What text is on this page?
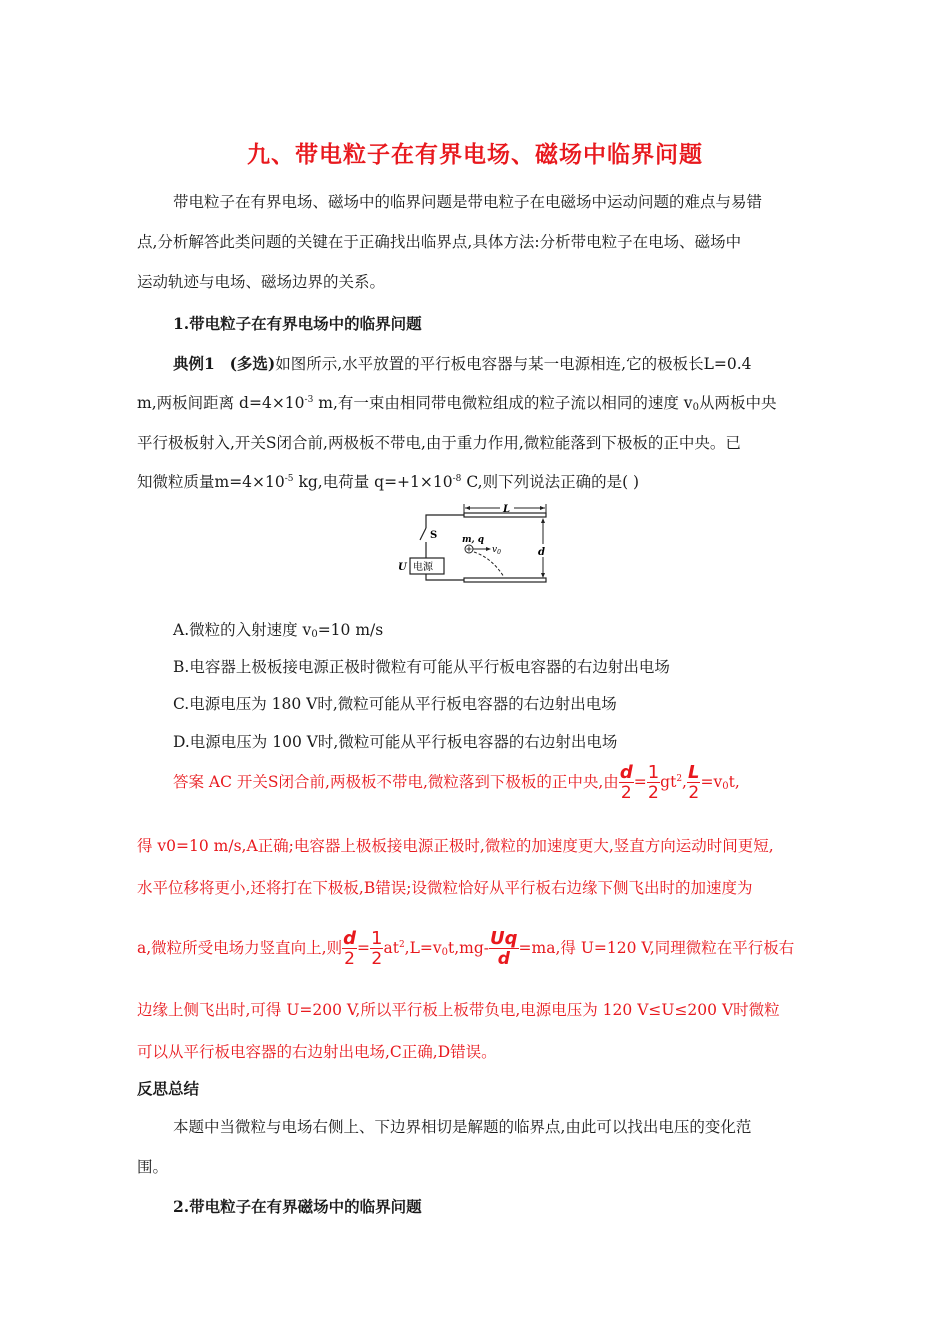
九、带电粒子在有界电场、磁场中临界问题
带电粒子在有界电场、磁场中的临界问题是带电粒子在电磁场中运动问题的难点与易错
点,分析解答此类问题的关键在于正确找出临界点,具体方法:分析带电粒子在电场、磁场中
运动轨迹与电场、磁场边界的关系。
1.带电粒子在有界电场中的临界问题
典例1 (多选)如图所示,水平放置的平行板电容器与某一电源相连,它的极板长L=0.4
m,两板间距离 $d=4\times 10^{-3}$ m,有一束由相同带电微粒组成的粒子流以相同的速度 $v_0$从两板中央
平行极板射入,开关S闭合前,两极板不带电,由于重力作用,微粒能落到下极板的正中央。已
知微粒质量$m=4\times 10^{-5}$ kg,电荷量 $q=+1\times 10^{-8}$ C,则下列说法正确的是( )
L
d
S
电源
U
m, q
$v_0$
A.微粒的入射速度 $v_0=10$ m/s
B.电容器上极板接电源正极时微粒有可能从平行板电容器的右边射出电场
C.电源电压为 180 V时,微粒可能从平行板电容器的右边射出电场
D.电源电压为 100 V时,微粒可能从平行板电容器的右边射出电场
答案 AC 开关S闭合前,两极板不带电,微粒落到下极板的正中央,由 $\frac{d}{2} = \frac{1}{2} gt^2$, $\frac{L}{2} =v_0t$,
得 v0=10 m/s,A正确;电容器上极板接电源正极时,微粒的加速度更大,竖直方向运动时间更短,
水平位移将更小,还将打在下极板,B错误;设微粒恰好从平行板右边缘下侧飞出时的加速度为
a,微粒所受电场力竖直向上,则 $\frac{d}{2} = \frac{1}{2} at^2,L=v_0t,mg- \frac{Uq}{d} =ma$,得 U=120 V,同理微粒在平行板右
边缘上侧飞出时,可得 U=200 V,所以平行板上板带负电,电源电压为 120 V≤U≤200 V时微粒
可以从平行板电容器的右边射出电场,C正确,D错误。
反思总结
本题中当微粒与电场右侧上、下边界相切是解题的临界点,由此可以找出电压的变化范
围。
2.带电粒子在有界磁场中的临界问题
